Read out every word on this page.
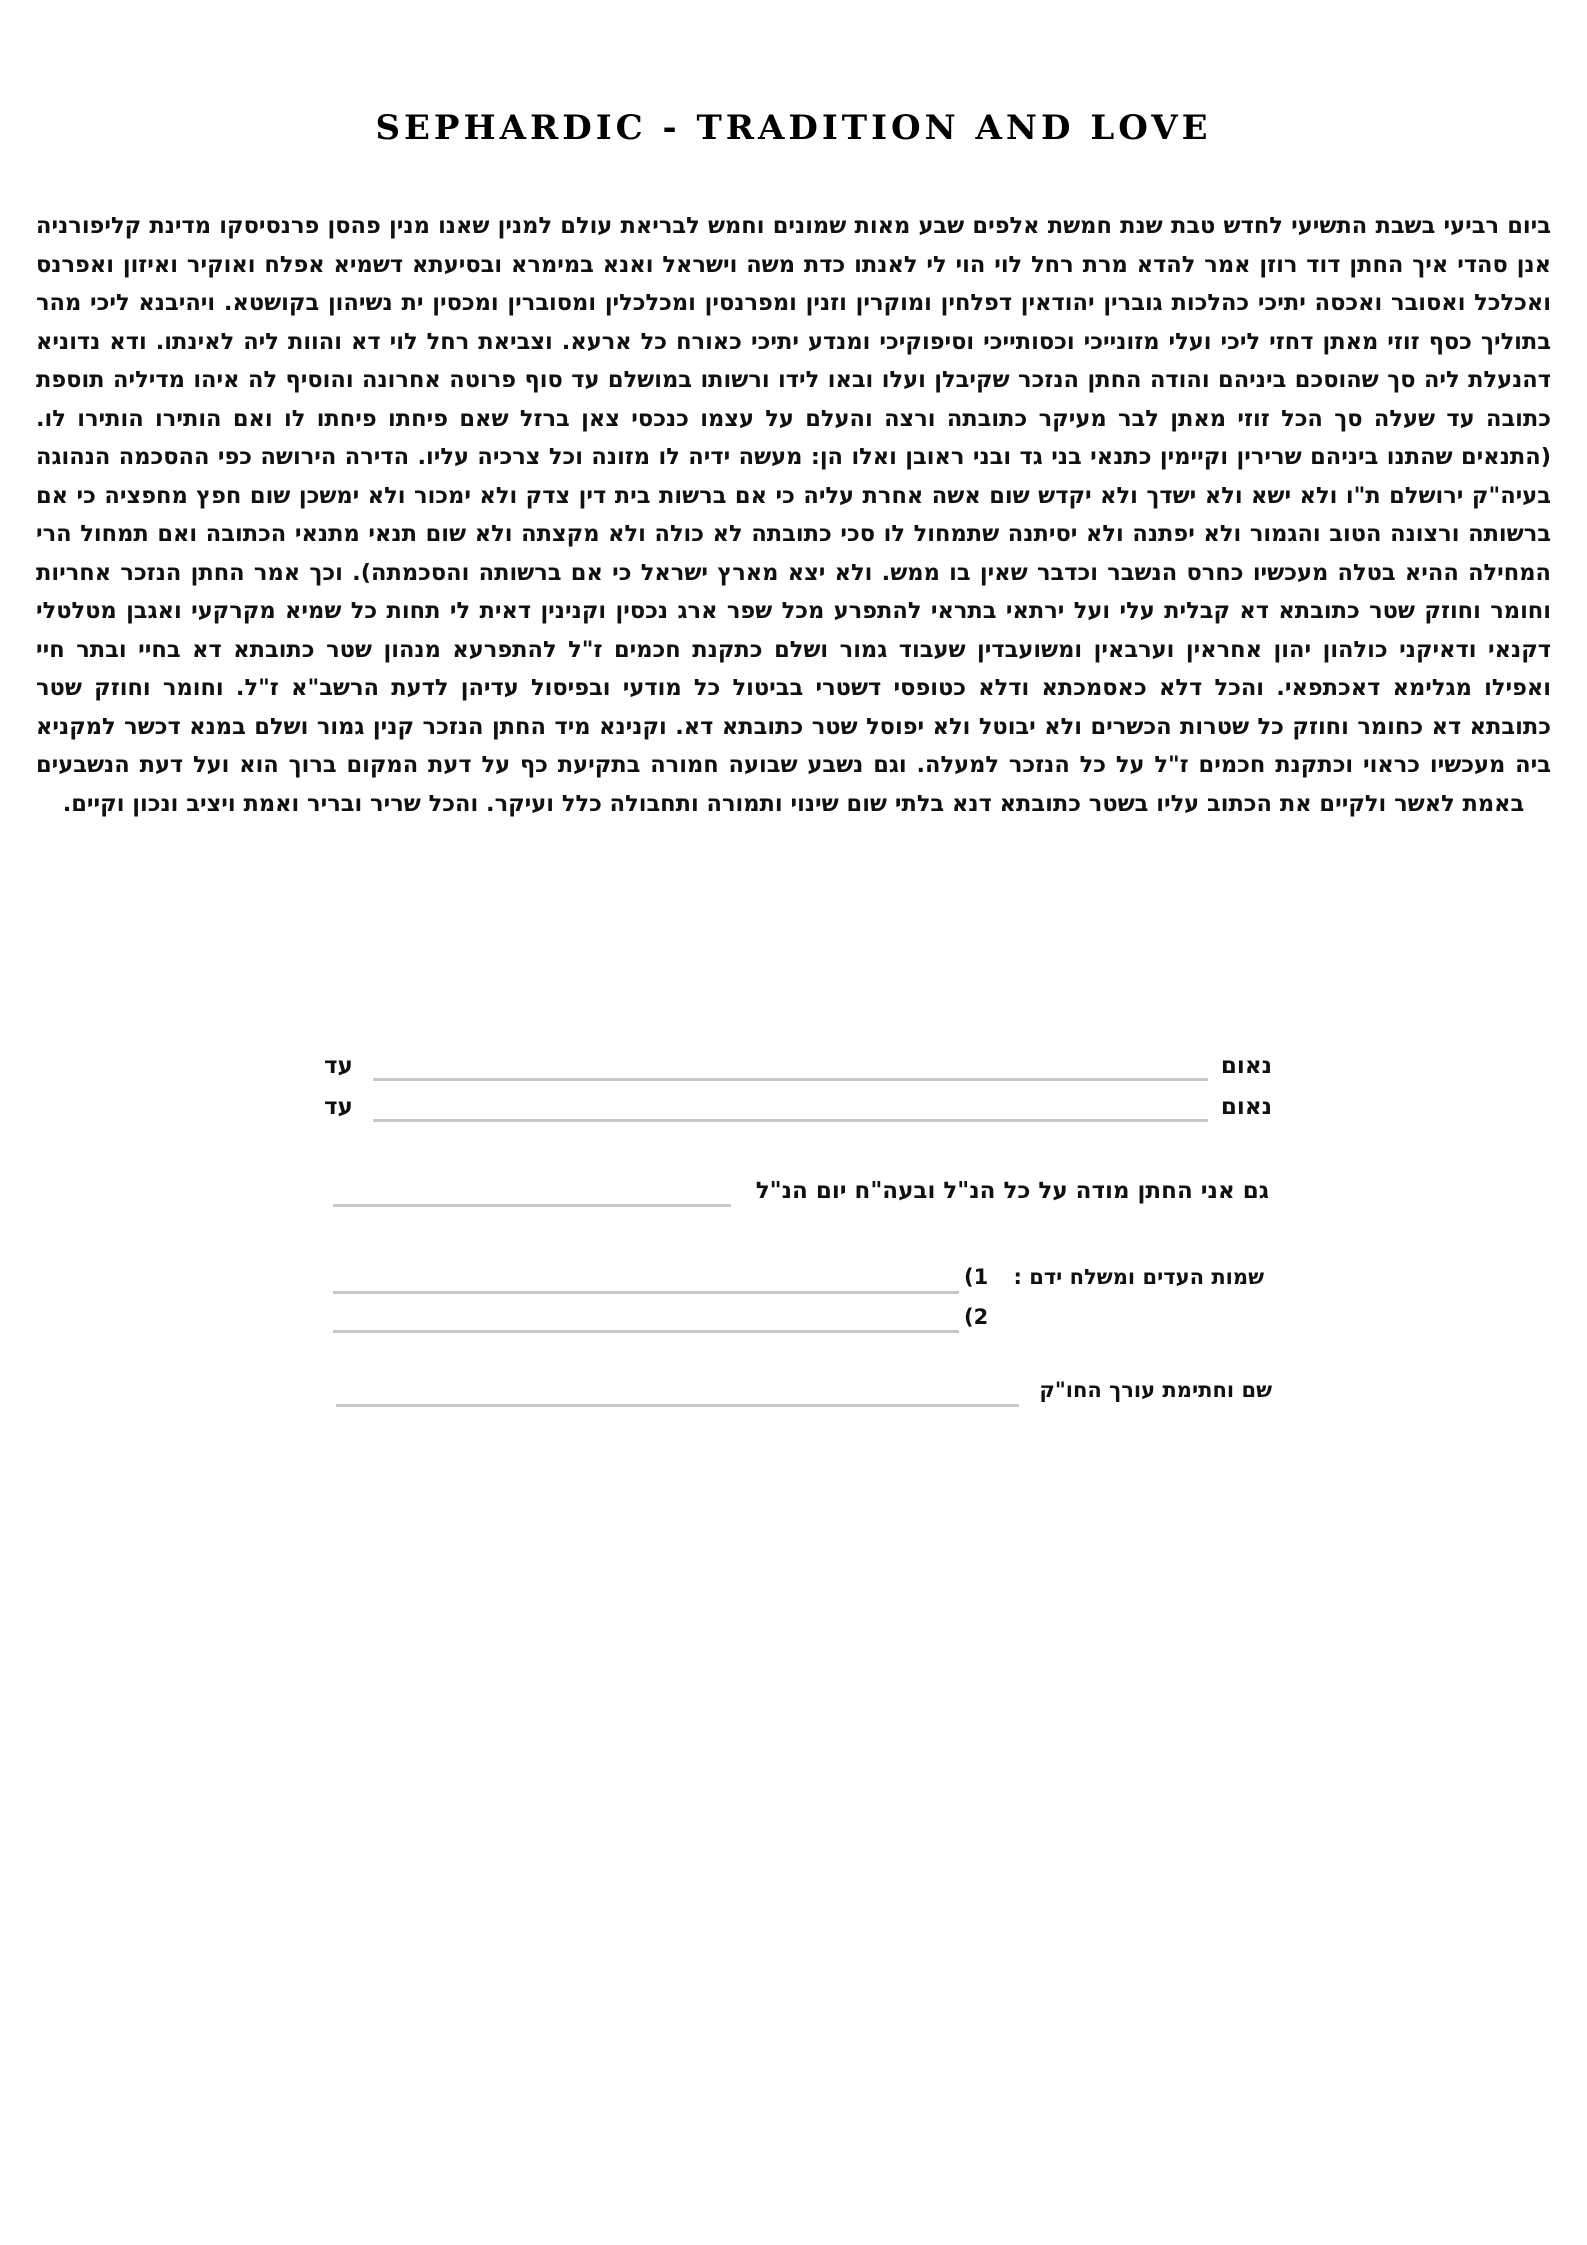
SEPHARDIC - TRADITION AND LOVE
ביום רביעי בשבת התשיעי לחדש טבת שנת חמשת אלפים שבע מאות שמונים וחמש לבריאת עולם למנין שאנו מנין פהסן פרנסיסקו מדינת קליפורניה אנן סהדי איך החתן דוד רוזן אמר להדא מרת רחל לוי הוי לי לאנתו כדת משה וישראל ואנא במימרא ובסיעתא דשמיא אפלח ואוקיר ואיזון ואפרנס ואכלכל ואסובר ואכסה יתיכי כהלכות גוברין יהודאין דפלחין ומוקרין וזנין ומפרנסין ומכלכלין ומסוברין ומכסין ית נשיהון בקושטא. ויהיבנא ליכי מהר בתוליך כסף זוזי מאתן דחזי ליכי ועלי מזונייכי וכסותייכי וסיפוקיכי ומנדע יתיכי כאורח כל ארעא. וצביאת רחל לוי דא והוות ליה לאינתו. ודא נדוניא דהנעלת ליה סך שהוסכם ביניהם והודה החתן הנזכר שקיבלן ועלו ובאו לידו ורשותו במושלם עד סוף פרוטה אחרונה והוסיף לה איהו מדיליה תוספת כתובה עד שעלה סך הכל זוזי מאתן לבר מעיקר כתובתה ורצה והעלם על עצמו כנכסי צאן ברזל שאם פיחתו פיחתו לו ואם הותירו הותירו לו. (התנאים שהתנו ביניהם שרירין וקיימין כתנאי בני גד ובני ראובן ואלו הן: מעשה ידיה לו מזונה וכל צרכיה עליו. הדירה הירושה כפי ההסכמה הנהוגה בעיה"ק ירושלם ת"ו ולא ישא ולא ישדך ולא יקדש שום אשה אחרת עליה כי אם ברשות בית דין צדק ולא ימכור ולא ימשכן שום חפץ מחפציה כי אם ברשותה ורצונה הטוב והגמור ולא יפתנה ולא יסיתנה שתמחול לו סכי כתובתה לא כולה ולא מקצתה ולא שום תנאי מתנאי הכתובה ואם תמחול הרי המחילה ההיא בטלה מעכשיו כחרס הנשבר וכדבר שאין בו ממש. ולא יצא מארץ ישראל כי אם ברשותה והסכמתה). וכך אמר החתן הנזכר אחריות וחומר וחוזק שטר כתובתא דא קבלית עלי ועל ירתאי בתראי להתפרע מכל שפר ארג נכסין וקנינין דאית לי תחות כל שמיא מקרקעי ואגבן מטלטלי דקנאי ודאיקני כולהון יהון אחראין וערבאין ומשועבדין שעבוד גמור ושלם כתקנת חכמים ז"ל להתפרעא מנהון שטר כתובתא דא בחיי ובתר חיי ואפילו מגלימא דאכתפאי. והכל דלא כאסמכתא ודלא כטופסי דשטרי בביטול כל מודעי ובפיסול עדיהן לדעת הרשב"א ז"ל. וחומר וחוזק שטר כתובתא דא כחומר וחוזק כל שטרות הכשרים ולא יבוטל ולא יפוסל שטר כתובתא דא. וקנינא מיד החתן הנזכר קנין גמור ושלם במנא דכשר למקניא ביה מעכשיו כראוי וכתקנת חכמים ז"ל על כל הנזכר למעלה. וגם נשבע שבועה חמורה בתקיעת כף על דעת המקום ברוך הוא ועל דעת הנשבעים באמת לאשר ולקיים את הכתוב עליו בשטר כתובתא דנא בלתי שום שינוי ותמורה ותחבולה כלל ועיקר. והכל שריר ובריר ואמת ויציב ונכון וקיים.
נאום
עד
נאום
עד
גם אני החתן מודה על כל הנ"ל ובעה"ח יום הנ"ל
שמות העדים ומשלח ידם :
1)
2)
שם וחתימת עורך החו"ק
